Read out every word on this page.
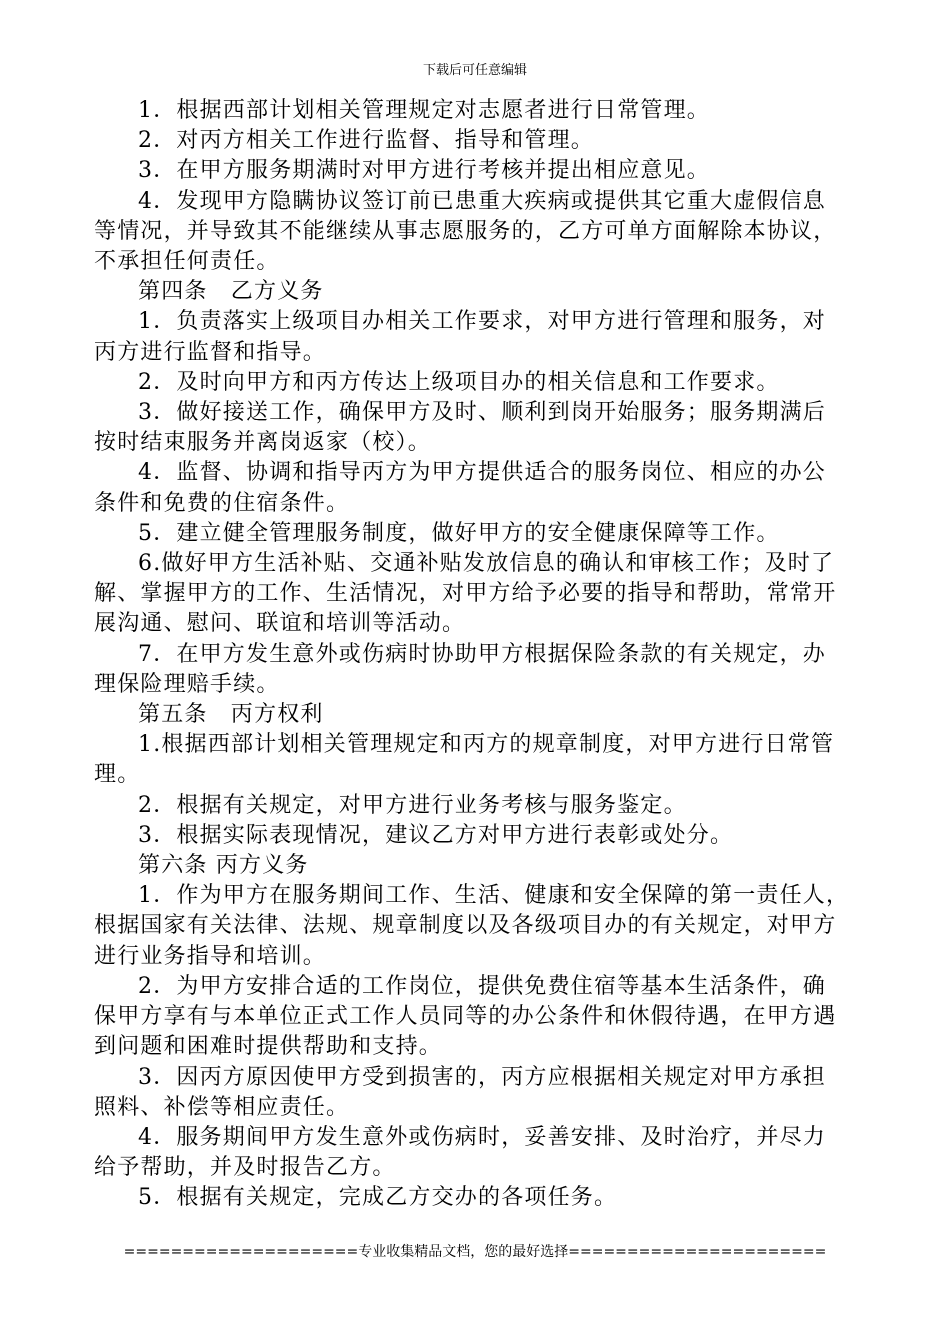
下载后可任意编辑

1．根据西部计划相关管理规定对志愿者进行日常管理。

2．对丙方相关工作进行监督、指导和管理。

3．在甲方服务期满时对甲方进行考核并提出相应意见。

4．发现甲方隐瞒协议签订前已患重大疾病或提供其它重大虚假信息
等情况，并导致其不能继续从事志愿服务的，乙方可单方面解除本协议，
不承担任何责任。

第四条　乙方义务

1．负责落实上级项目办相关工作要求，对甲方进行管理和服务，对
丙方进行监督和指导。

2．及时向甲方和丙方传达上级项目办的相关信息和工作要求。

3．做好接送工作，确保甲方及时、顺利到岗开始服务；服务期满后
按时结束服务并离岗返家（校）。

4．监督、协调和指导丙方为甲方提供适合的服务岗位、相应的办公
条件和免费的住宿条件。

5．建立健全管理服务制度，做好甲方的安全健康保障等工作。

6.做好甲方生活补贴、交通补贴发放信息的确认和审核工作；及时了
解、掌握甲方的工作、生活情况，对甲方给予必要的指导和帮助，常常开
展沟通、慰问、联谊和培训等活动。

7．在甲方发生意外或伤病时协助甲方根据保险条款的有关规定，办
理保险理赔手续。

第五条　丙方权利

1.根据西部计划相关管理规定和丙方的规章制度，对甲方进行日常管
理。

2．根据有关规定，对甲方进行业务考核与服务鉴定。

3．根据实际表现情况，建议乙方对甲方进行表彰或处分。

第六条 丙方义务

1．作为甲方在服务期间工作、生活、健康和安全保障的第一责任人，
根据国家有关法律、法规、规章制度以及各级项目办的有关规定，对甲方
进行业务指导和培训。

2．为甲方安排合适的工作岗位，提供免费住宿等基本生活条件，确
保甲方享有与本单位正式工作人员同等的办公条件和休假待遇，在甲方遇
到问题和困难时提供帮助和支持。

3．因丙方原因使甲方受到损害的，丙方应根据相关规定对甲方承担
照料、补偿等相应责任。

4．服务期间甲方发生意外或伤病时，妥善安排、及时治疗，并尽力
给予帮助，并及时报告乙方。

5．根据有关规定，完成乙方交办的各项任务。

====================专业收集精品文档，您的最好选择======================
